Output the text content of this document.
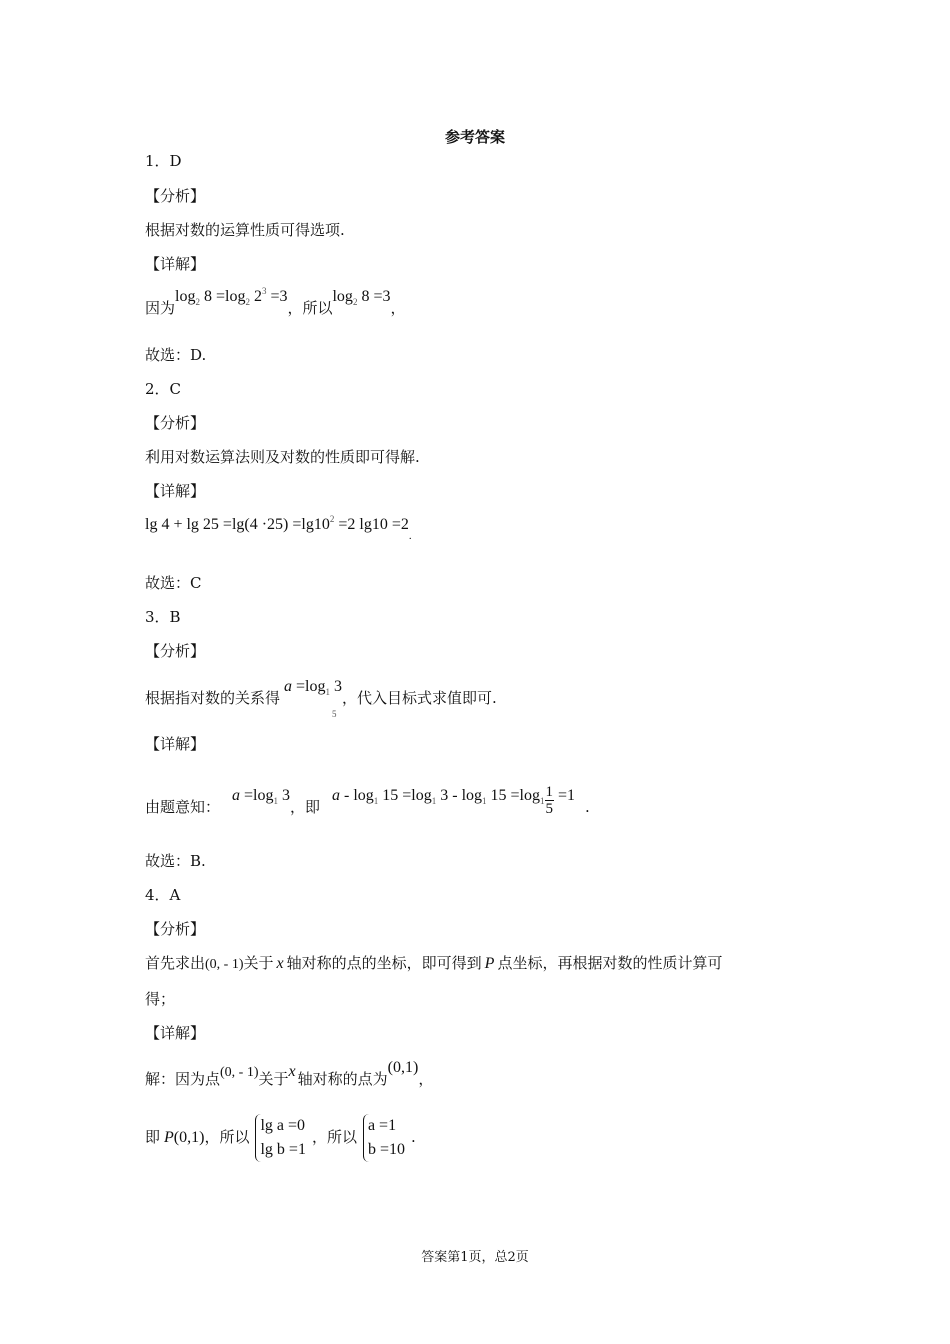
参考答案
1．D
【分析】
根据对数的运算性质可得选项.
【详解】
因为$\log_2 8 =\log_2$ $2^3 =3$，所以$\log_2 8 =3$，
故选：D.
2．C
【分析】
利用对数运算法则及对数的性质即可得解.
【详解】
$\lg 4 + \lg 25 =\lg(4 \cdot 25) =\lg 10^2 =2$ $\lg 10 =2_.$
故选：C
3．B
【分析】
根据指对数的关系得$a =\log_1$ 3
5
，代入目标式求值即可.
【详解】
由题意知：$a =\log_1$ 3，即$a - \log_1 15 =\log_1$ $3 - \log_1 15 =\log_1 \frac{1}{5} =1$.
故选：B.
4．A
【分析】
首先求出(0, - 1)关于 x 轴对称的点的坐标，即可得到 P 点坐标，再根据对数的性质计算可
得；
【详解】
解：因为点(0, - 1)关于x 轴对称的点为(0,1)，
即 P(0,1)，所以
lg a =0
lg b =1
，所以
a =1
b =10
.
答案第1页，总2页
